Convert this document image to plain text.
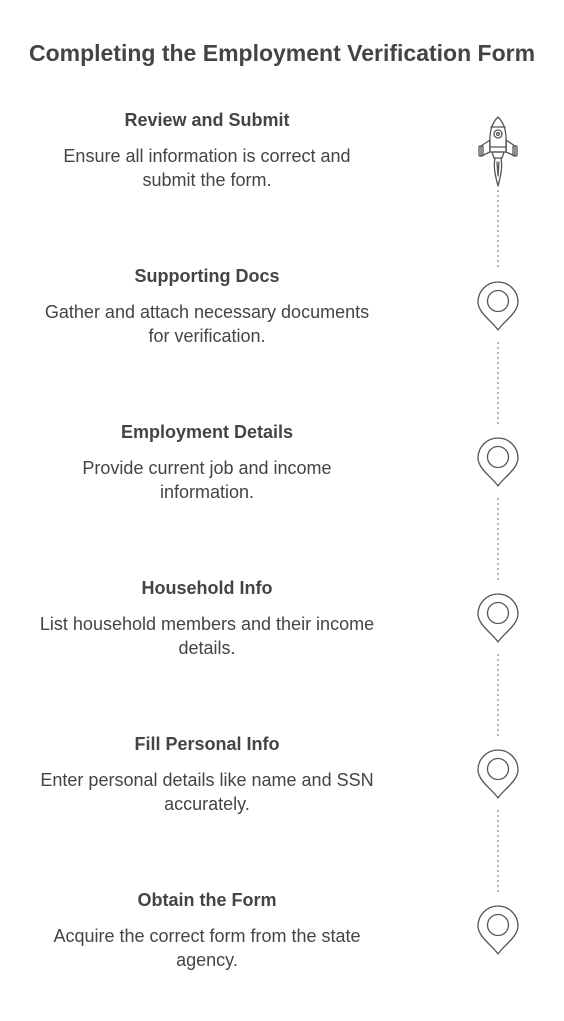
Completing the Employment Verification Form

Review and Submit

Ensure all information is correct and submit the form.

Supporting Docs

Gather and attach necessary documents for verification.

Employment Details

Provide current job and income information.

Household Info

List household members and their income details.

Fill Personal Info

Enter personal details like name and SSN accurately.

Obtain the Form

Acquire the correct form from the state agency.
